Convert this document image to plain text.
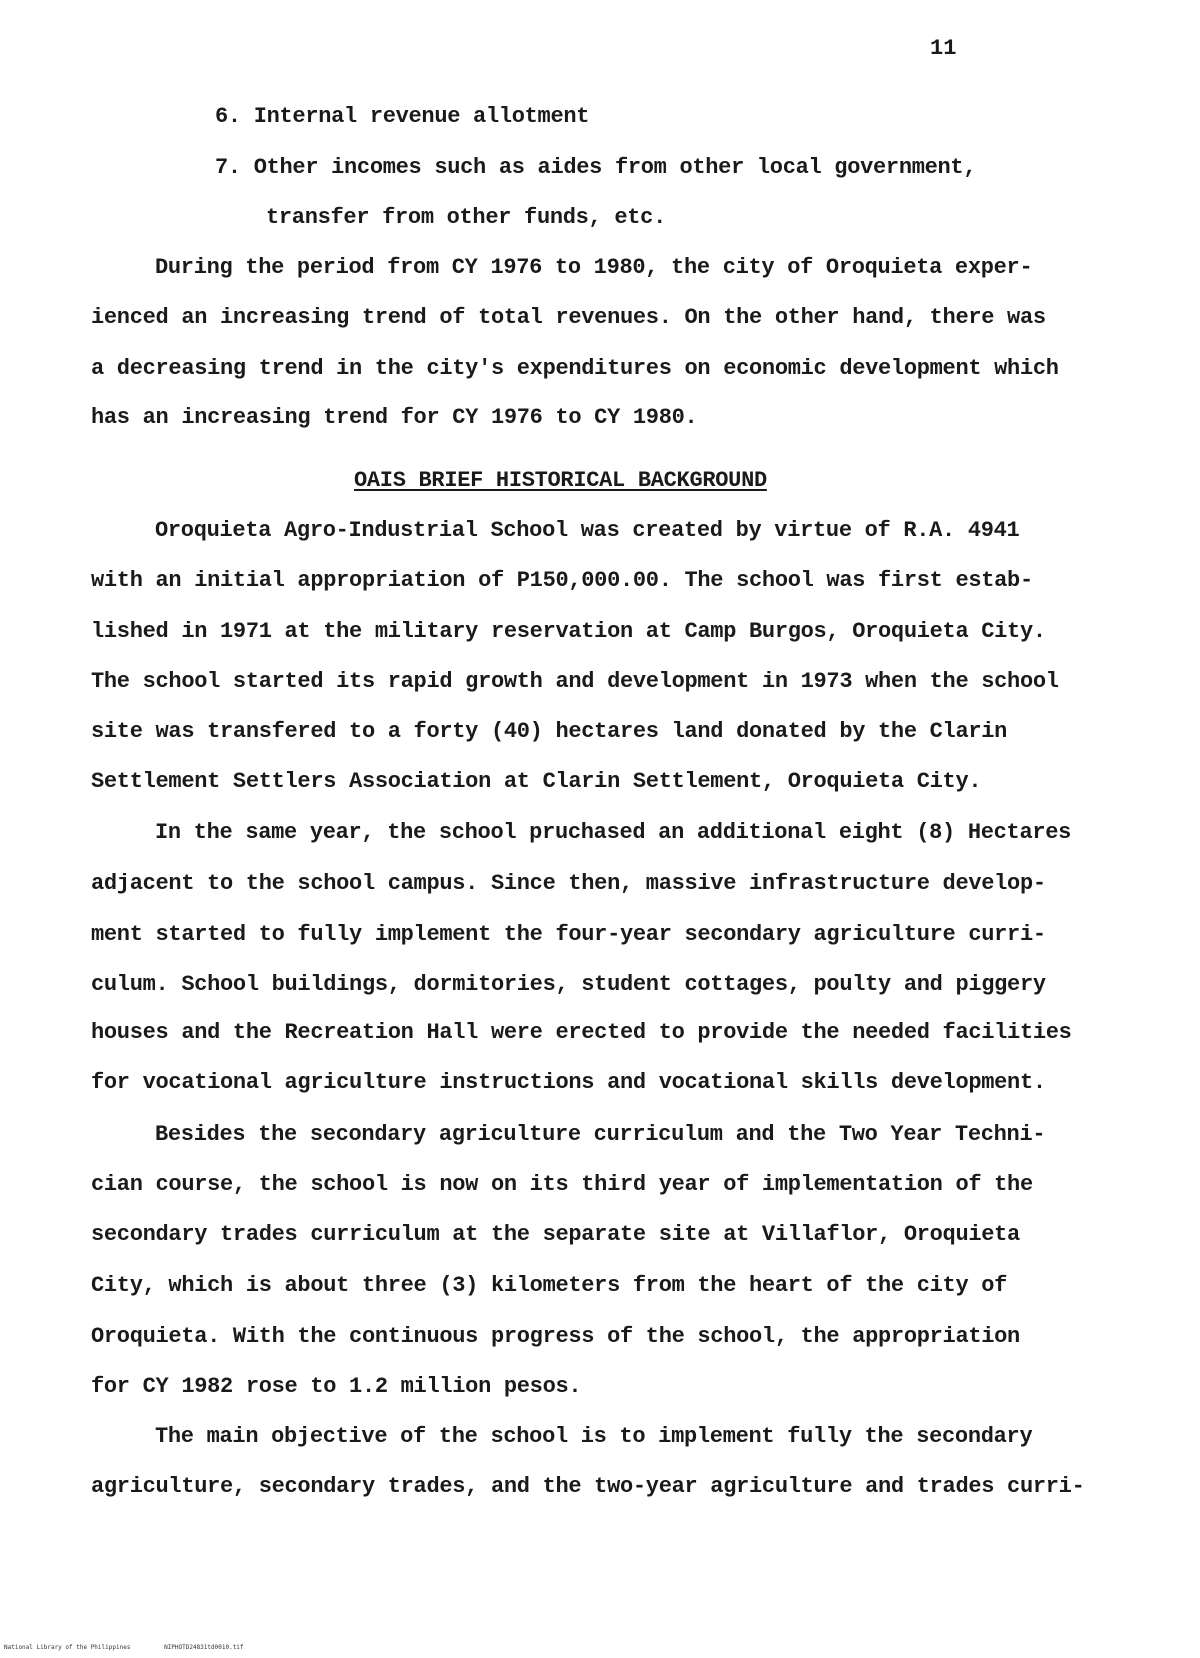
11
6. Internal revenue allotment
7. Other incomes such as aides from other local government,
transfer from other funds, etc.
During the period from CY 1976 to 1980, the city of Oroquieta exper-
ienced an increasing trend of total revenues. On the other hand, there was
a decreasing trend in the city's expenditures on economic development which
has an increasing trend for CY 1976 to CY 1980.
OAIS BRIEF HISTORICAL BACKGROUND
Oroquieta Agro-Industrial School was created by virtue of R.A. 4941
with an initial appropriation of P150,000.00. The school was first estab-
lished in 1971 at the military reservation at Camp Burgos, Oroquieta City.
The school started its rapid growth and development in 1973 when the school
site was transfered to a forty (40) hectares land donated by the Clarin
Settlement Settlers Association at Clarin Settlement, Oroquieta City.
In the same year, the school pruchased an additional eight (8) Hectares
adjacent to the school campus. Since then, massive infrastructure develop-
ment started to fully implement the four-year secondary agriculture curri-
culum. School buildings, dormitories, student cottages, poulty and piggery
houses and the Recreation Hall were erected to provide the needed facilities
for vocational agriculture instructions and vocational skills development.
Besides the secondary agriculture curriculum and the Two Year Techni-
cian course, the school is now on its third year of implementation of the
secondary trades curriculum at the separate site at Villaflor, Oroquieta
City, which is about three (3) kilometers from the heart of the city of
Oroquieta. With the continuous progress of the school, the appropriation
for CY 1982 rose to 1.2 million pesos.
The main objective of the school is to implement fully the secondary
agriculture, secondary trades, and the two-year agriculture and trades curri-
National Library of the Philippines	NIPHOTD24831td0010.tif
